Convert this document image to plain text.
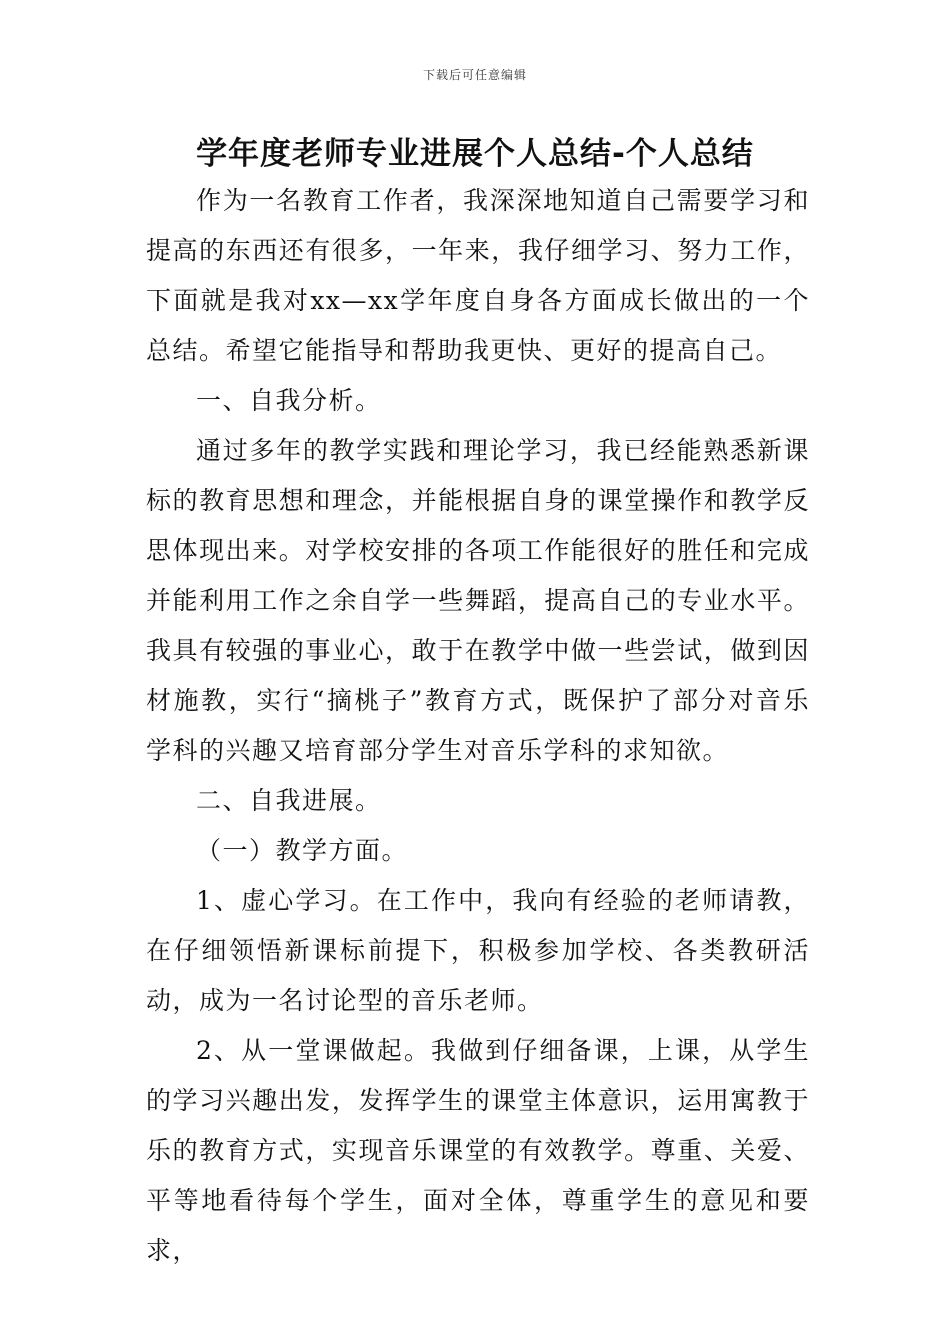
下载后可任意编辑
学年度老师专业进展个人总结-个人总结

作为一名教育工作者，我深深地知道自己需要学习和提高的东西还有很多，一年来，我仔细学习、努力工作，下面就是我对xx—xx学年度自身各方面成长做出的一个总结。希望它能指导和帮助我更快、更好的提高自己。

一、自我分析。

通过多年的教学实践和理论学习，我已经能熟悉新课标的教育思想和理念，并能根据自身的课堂操作和教学反思体现出来。对学校安排的各项工作能很好的胜任和完成并能利用工作之余自学一些舞蹈，提高自己的专业水平。我具有较强的事业心，敢于在教学中做一些尝试，做到因材施教，实行“摘桃子”教育方式，既保护了部分对音乐学科的兴趣又培育部分学生对音乐学科的求知欲。

二、自我进展。

（一）教学方面。

1、虚心学习。在工作中，我向有经验的老师请教，在仔细领悟新课标前提下，积极参加学校、各类教研活动，成为一名讨论型的音乐老师。

2、从一堂课做起。我做到仔细备课，上课，从学生的学习兴趣出发，发挥学生的课堂主体意识，运用寓教于乐的教育方式，实现音乐课堂的有效教学。尊重、关爱、平等地看待每个学生，面对全体，尊重学生的意见和要求，
